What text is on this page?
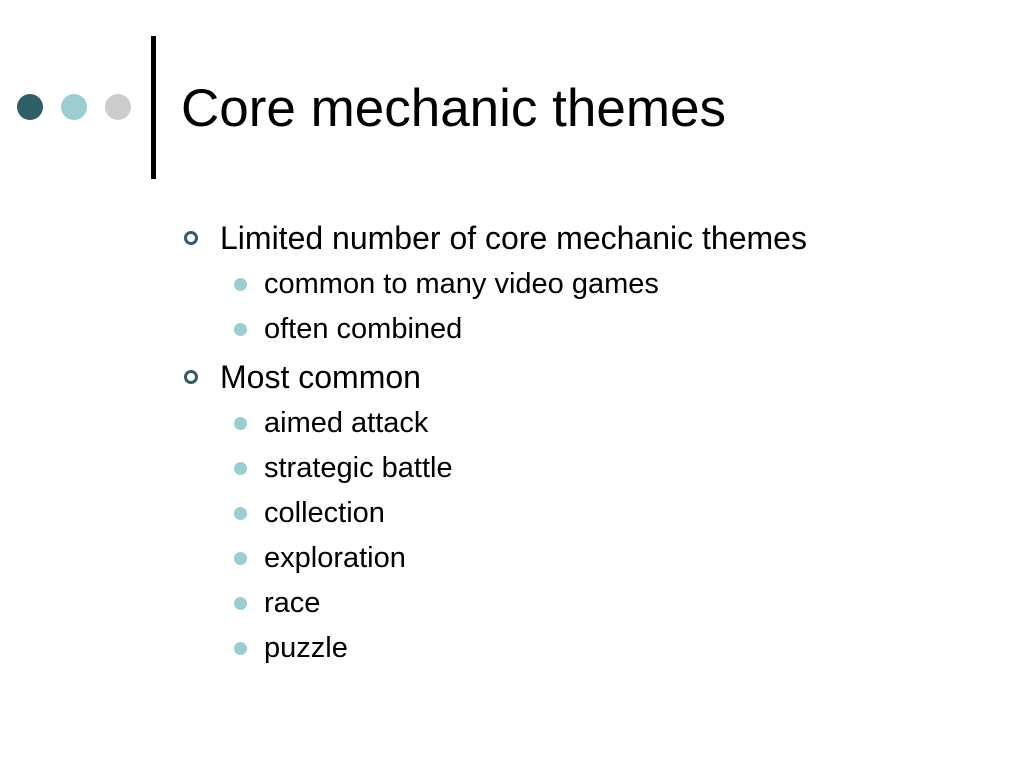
Core mechanic themes
Limited number of core mechanic themes
common to many video games
often combined
Most common
aimed attack
strategic battle
collection
exploration
race
puzzle
